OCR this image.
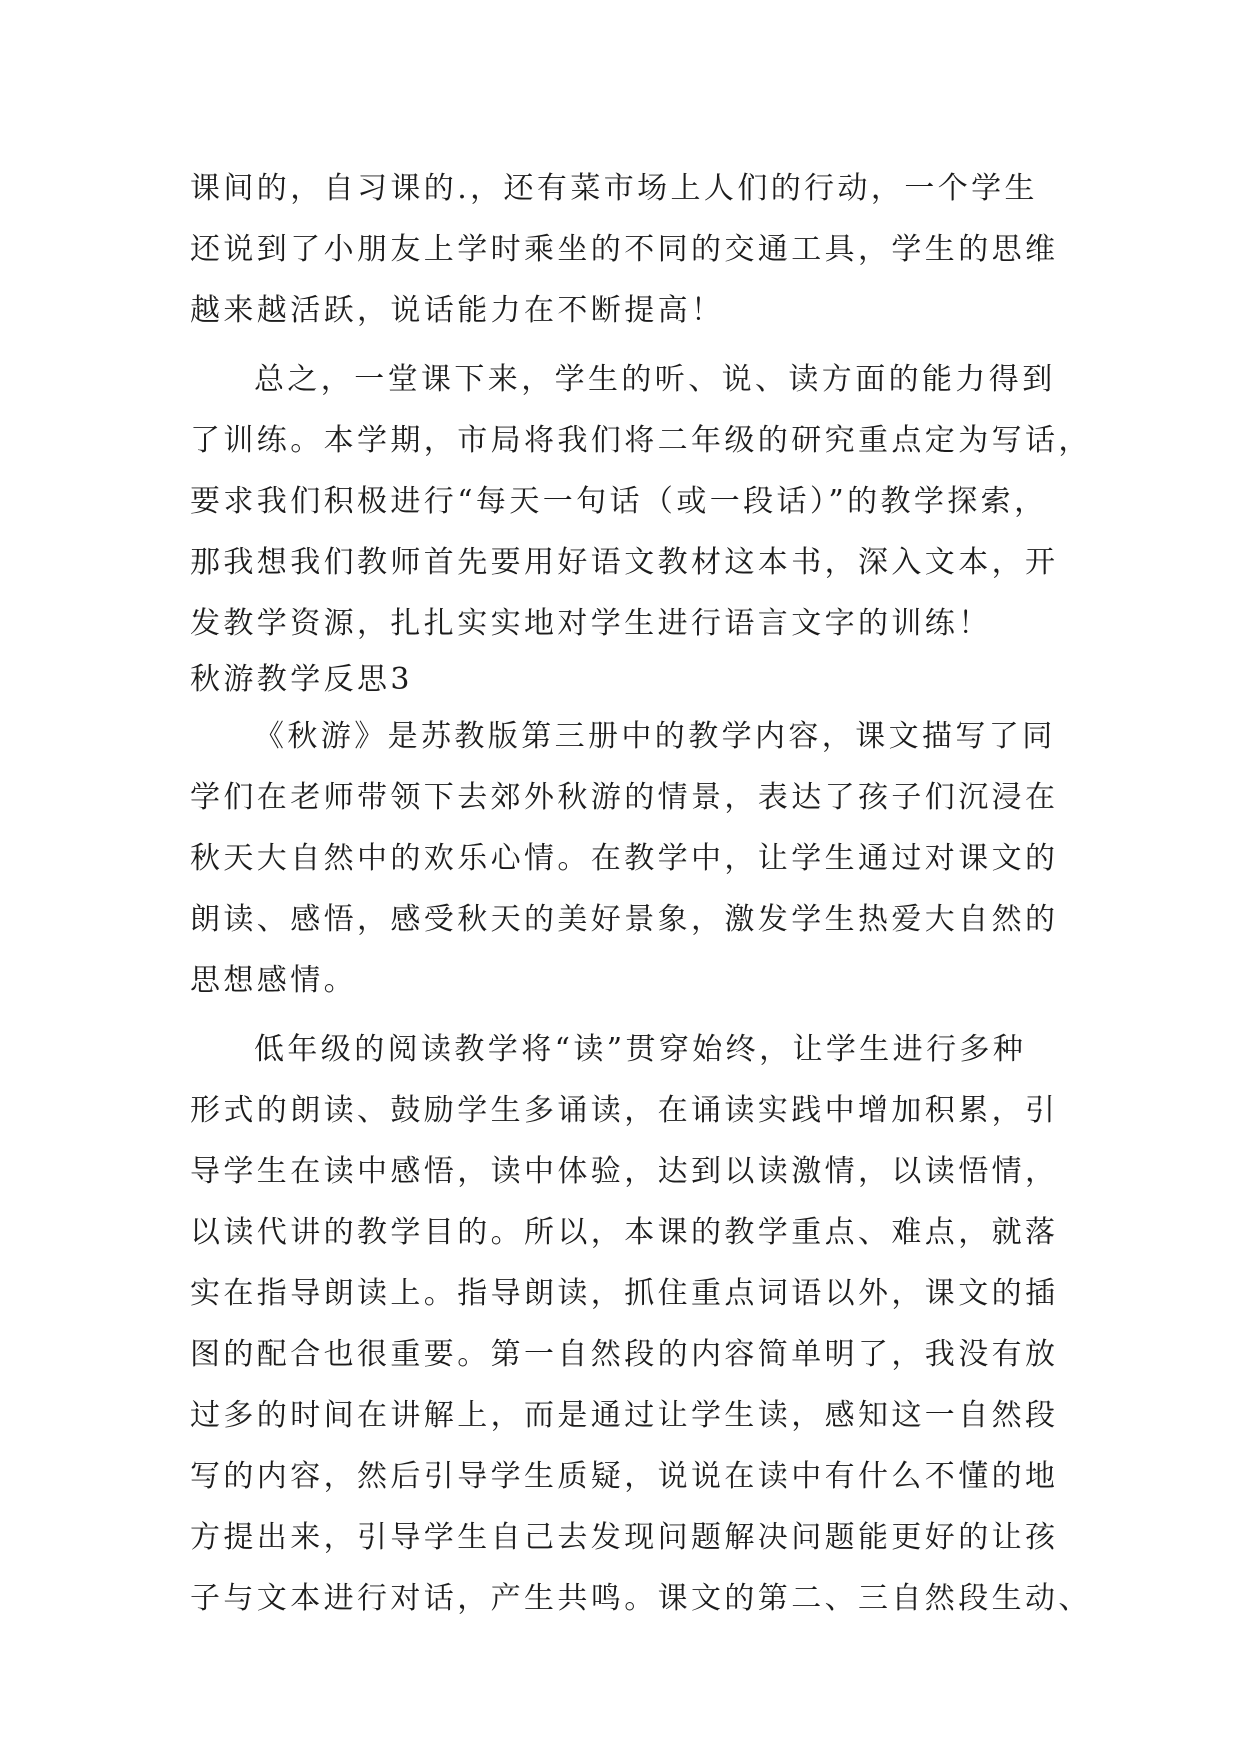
课间的，自习课的.，还有菜市场上人们的行动，一个学生
还说到了小朋友上学时乘坐的不同的交通工具，学生的思维
越来越活跃，说话能力在不断提高！
总之，一堂课下来，学生的听、说、读方面的能力得到
了训练。本学期，市局将我们将二年级的研究重点定为写话，
要求我们积极进行“每天一句话（或一段话）”的教学探索，
那我想我们教师首先要用好语文教材这本书，深入文本，开
发教学资源，扎扎实实地对学生进行语言文字的训练！
秋游教学反思3
《秋游》是苏教版第三册中的教学内容，课文描写了同
学们在老师带领下去郊外秋游的情景，表达了孩子们沉浸在
秋天大自然中的欢乐心情。在教学中，让学生通过对课文的
朗读、感悟，感受秋天的美好景象，激发学生热爱大自然的
思想感情。
低年级的阅读教学将“读”贯穿始终，让学生进行多种
形式的朗读、鼓励学生多诵读，在诵读实践中增加积累，引
导学生在读中感悟，读中体验，达到以读激情，以读悟情，
以读代讲的教学目的。所以，本课的教学重点、难点，就落
实在指导朗读上。指导朗读，抓住重点词语以外，课文的插
图的配合也很重要。第一自然段的内容简单明了，我没有放
过多的时间在讲解上，而是通过让学生读，感知这一自然段
写的内容，然后引导学生质疑，说说在读中有什么不懂的地
方提出来，引导学生自己去发现问题解决问题能更好的让孩
子与文本进行对话，产生共鸣。课文的第二、三自然段生动、
